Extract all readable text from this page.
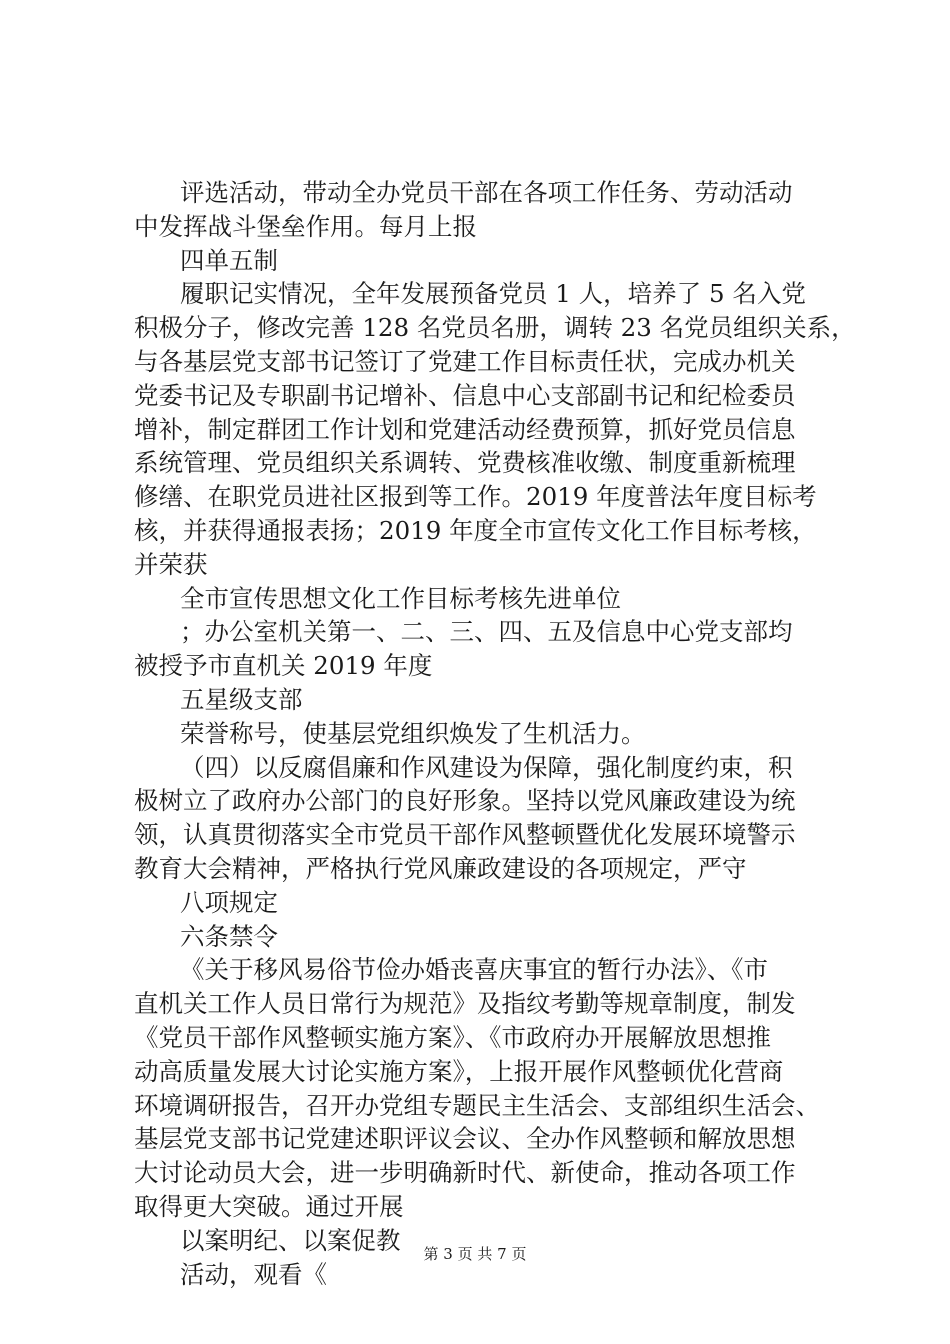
评选活动，带动全办党员干部在各项工作任务、劳动活动
中发挥战斗堡垒作用。每月上报
四单五制
履职记实情况，全年发展预备党员 1 人，培养了 5 名入党
积极分子，修改完善 128 名党员名册，调转 23 名党员组织关系，
与各基层党支部书记签订了党建工作目标责任状，完成办机关
党委书记及专职副书记增补、信息中心支部副书记和纪检委员
增补，制定群团工作计划和党建活动经费预算，抓好党员信息
系统管理、党员组织关系调转、党费核准收缴、制度重新梳理
修缮、在职党员进社区报到等工作。2019 年度普法年度目标考
核，并获得通报表扬；2019 年度全市宣传文化工作目标考核，
并荣获
全市宣传思想文化工作目标考核先进单位
；办公室机关第一、二、三、四、五及信息中心党支部均
被授予市直机关 2019 年度
五星级支部
荣誉称号，使基层党组织焕发了生机活力。
（四）以反腐倡廉和作风建设为保障，强化制度约束，积
极树立了政府办公部门的良好形象。坚持以党风廉政建设为统
领，认真贯彻落实全市党员干部作风整顿暨优化发展环境警示
教育大会精神，严格执行党风廉政建设的各项规定，严守
八项规定
六条禁令
《关于移风易俗节俭办婚丧喜庆事宜的暂行办法》、《市
直机关工作人员日常行为规范》及指纹考勤等规章制度，制发
《党员干部作风整顿实施方案》、《市政府办开展解放思想推
动高质量发展大讨论实施方案》，上报开展作风整顿优化营商
环境调研报告，召开办党组专题民主生活会、支部组织生活会、
基层党支部书记党建述职评议会议、全办作风整顿和解放思想
大讨论动员大会，进一步明确新时代、新使命，推动各项工作
取得更大突破。通过开展
以案明纪、以案促教
活动，观看《
第 3 页 共 7 页
